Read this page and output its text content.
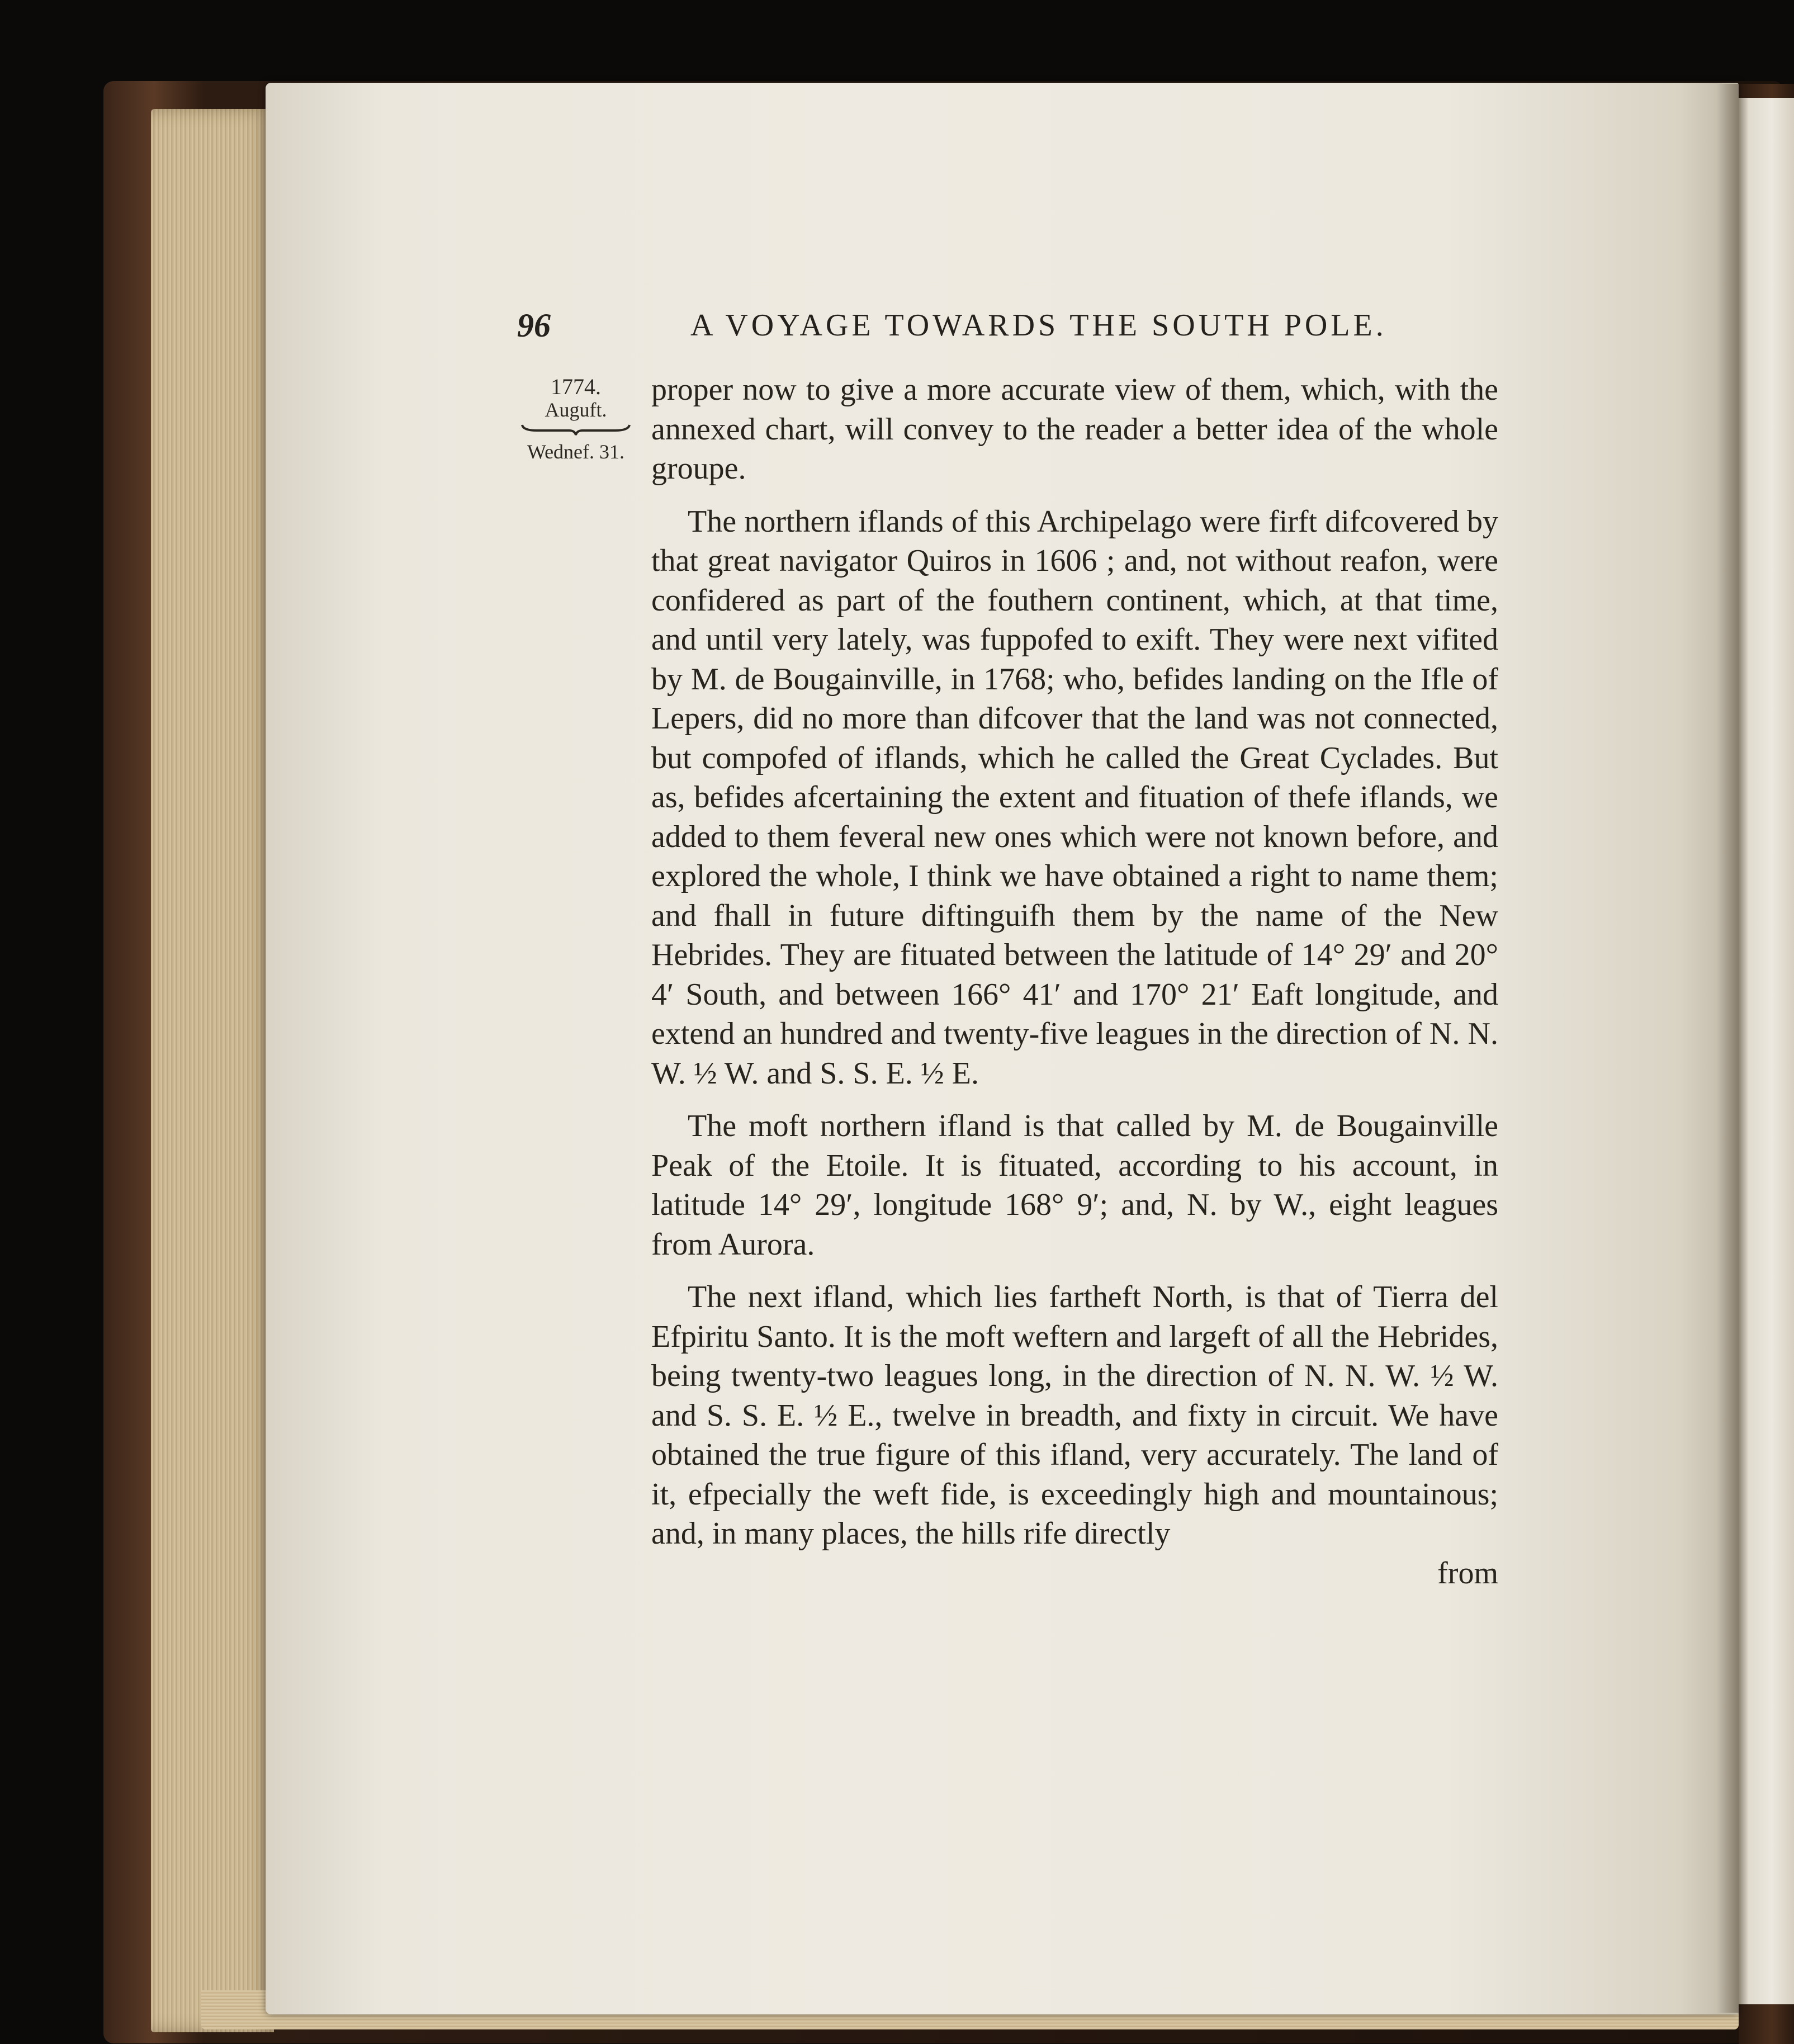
96	A VOYAGE TOWARDS THE SOUTH POLE.
1774.
Auguft.
Wednef. 31.

proper now to give a more accurate view of them, which, with the annexed chart, will convey to the reader a better idea of the whole groupe.

The northern iflands of this Archipelago were firft difcovered by that great navigator Quiros in 1606 ; and, not without reafon, were confidered as part of the fouthern continent, which, at that time, and until very lately, was fuppofed to exift. They were next vifited by M. de Bougainville, in 1768; who, befides landing on the Ifle of Lepers, did no more than difcover that the land was not connected, but compofed of iflands, which he called the Great Cyclades. But as, befides afcertaining the extent and fituation of thefe iflands, we added to them feveral new ones which were not known before, and explored the whole, I think we have obtained a right to name them; and fhall in future diftinguifh them by the name of the New Hebrides. They are fituated between the latitude of 14° 29′ and 20° 4′ South, and between 166° 41′ and 170° 21′ Eaft longitude, and extend an hundred and twenty-five leagues in the direction of N. N. W. ½ W. and S. S. E. ½ E.

The moft northern ifland is that called by M. de Bougainville Peak of the Etoile. It is fituated, according to his account, in latitude 14° 29′, longitude 168° 9′; and, N. by W., eight leagues from Aurora.

The next ifland, which lies fartheft North, is that of Tierra del Efpiritu Santo. It is the moft weftern and largeft of all the Hebrides, being twenty-two leagues long, in the direction of N. N. W. ½ W. and S. S. E. ½ E., twelve in breadth, and fixty in circuit. We have obtained the true figure of this ifland, very accurately. The land of it, efpecially the weft fide, is exceedingly high and mountainous; and, in many places, the hills rife directly

from
